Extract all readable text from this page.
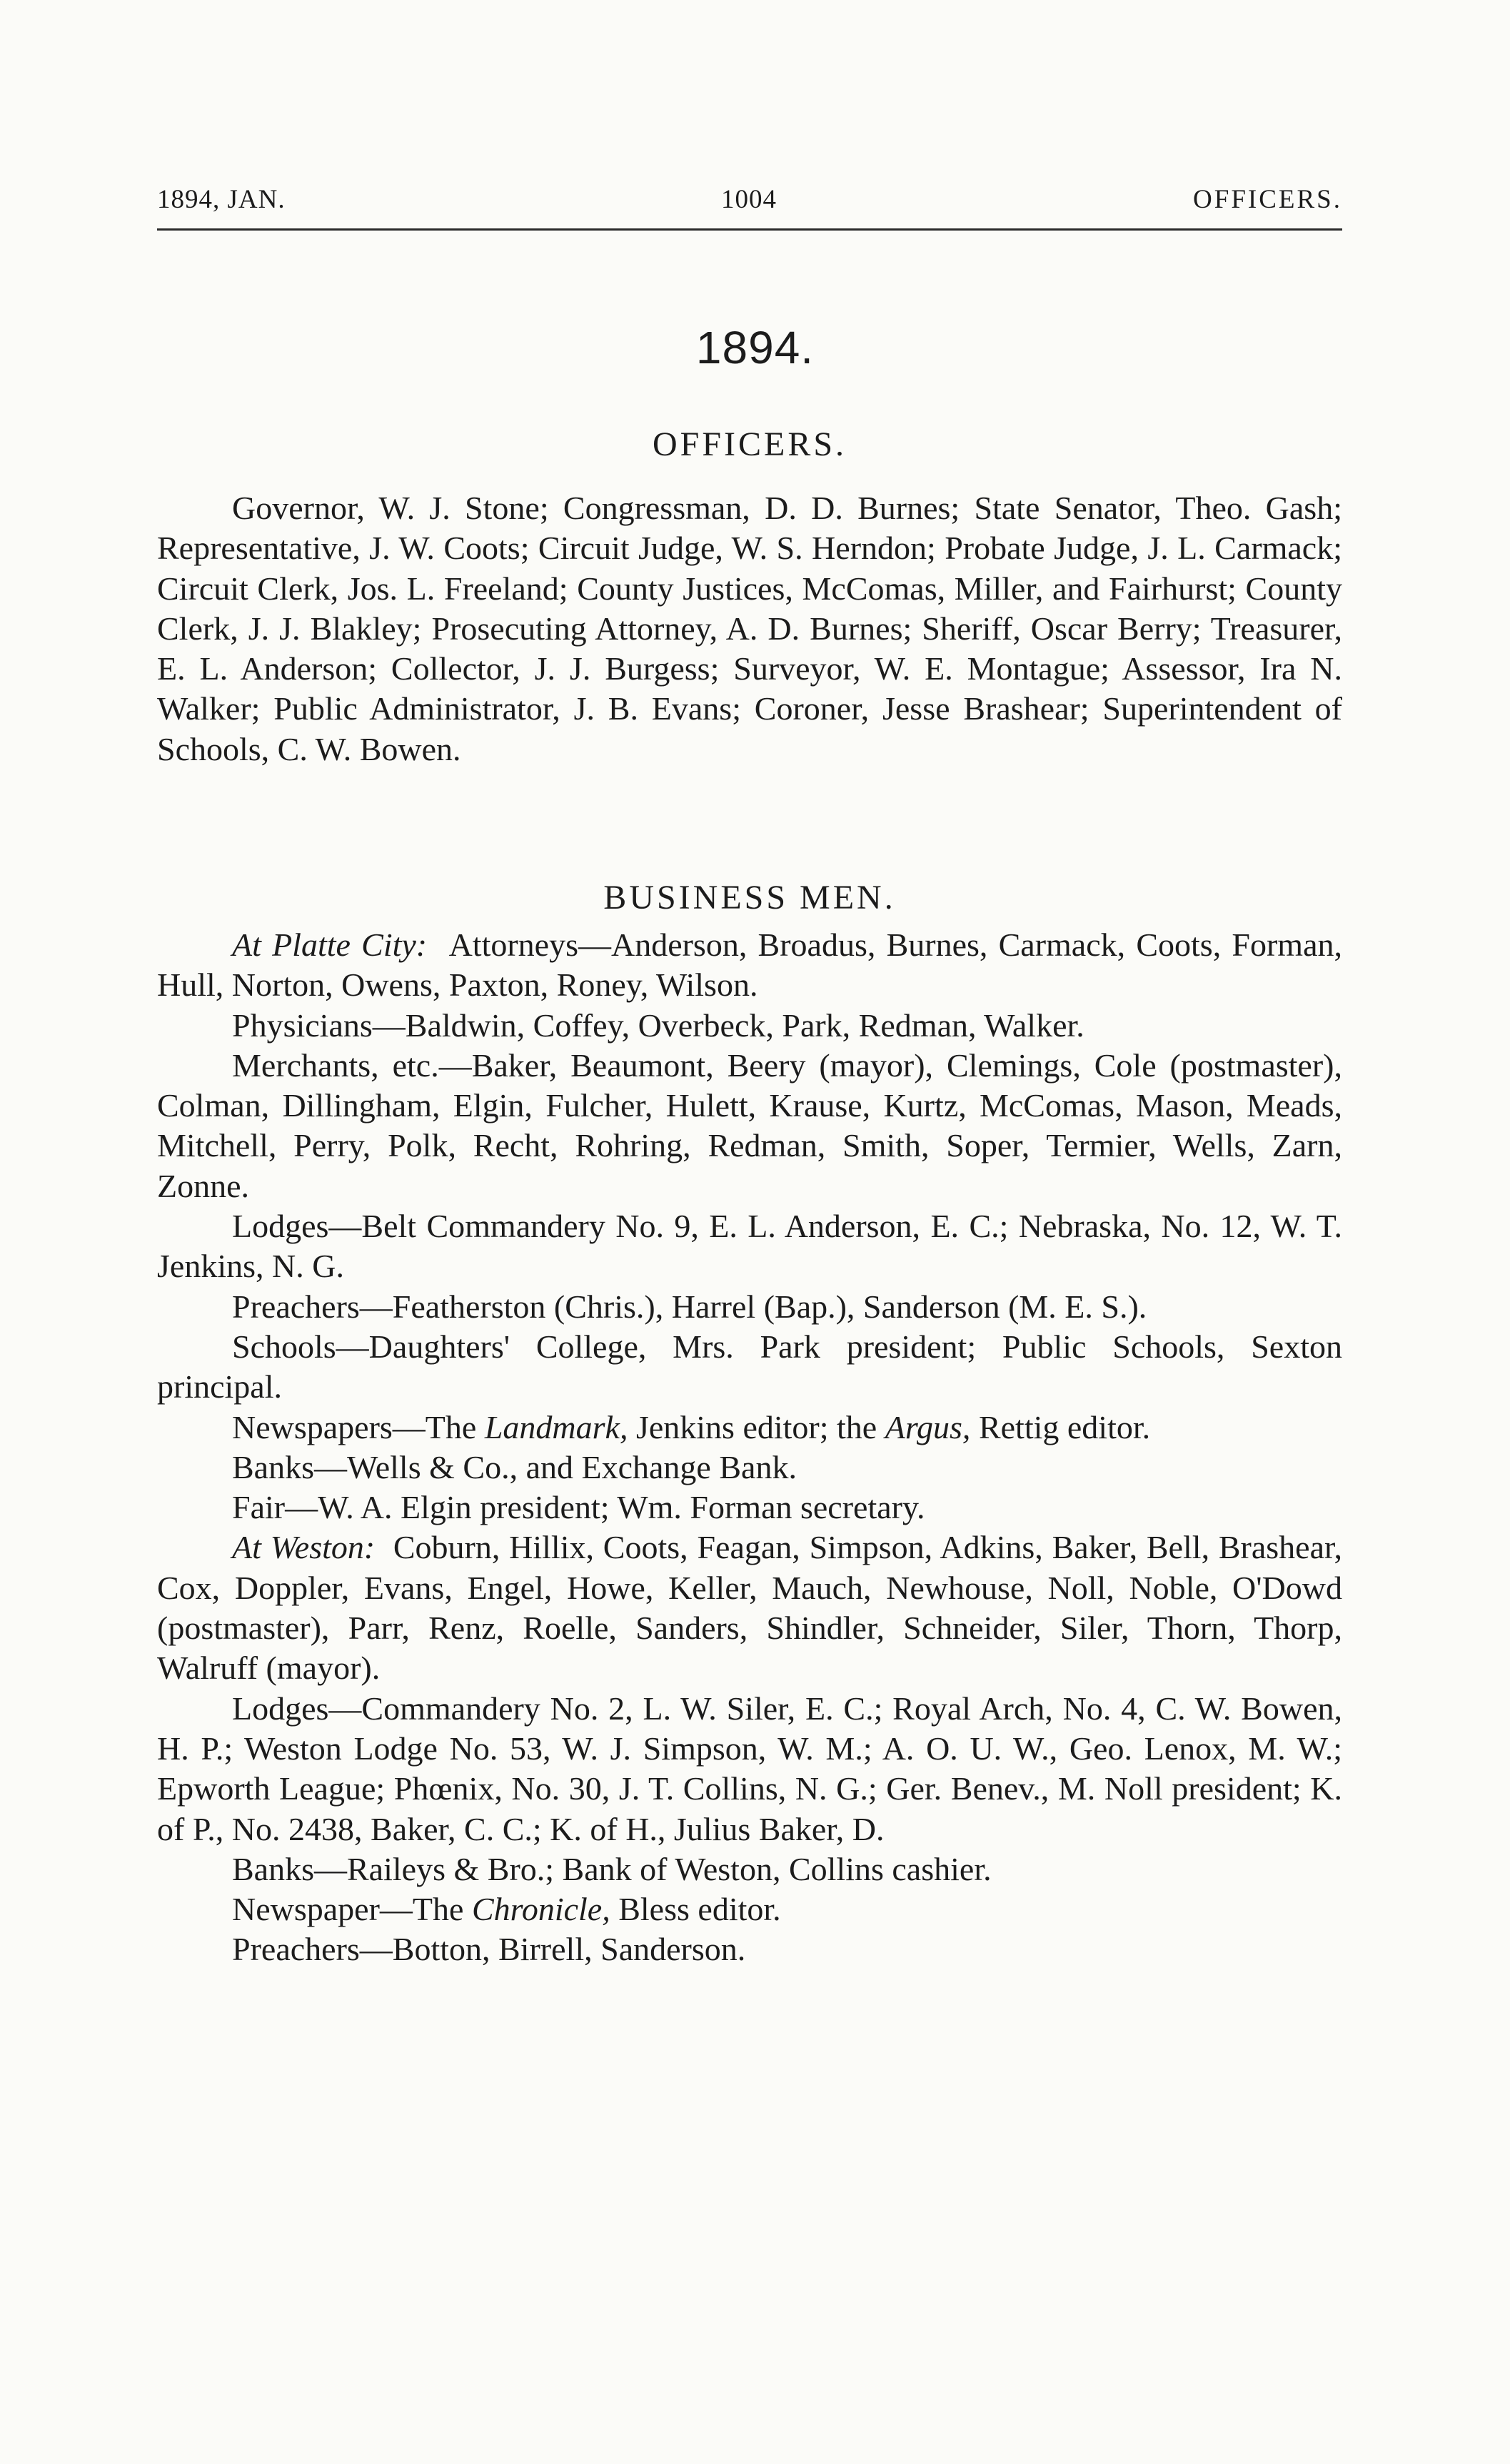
1894, JAN.	1004	OFFICERS.
1894.
OFFICERS.

Governor, W. J. Stone; Congressman, D. D. Burnes; State Senator, Theo. Gash; Representative, J. W. Coots; Circuit Judge, W. S. Herndon; Probate Judge, J. L. Carmack; Circuit Clerk, Jos. L. Freeland; County Justices, McComas, Miller, and Fairhurst; County Clerk, J. J. Blakley; Prosecuting Attorney, A. D. Burnes; Sheriff, Oscar Berry; Treasurer, E. L. Anderson; Collector, J. J. Burgess; Surveyor, W. E. Montague; Assessor, Ira N. Walker; Public Administrator, J. B. Evans; Coroner, Jesse Brashear; Superintendent of Schools, C. W. Bowen.

BUSINESS MEN.

At Platte City: Attorneys—Anderson, Broadus, Burnes, Carmack, Coots, Forman, Hull, Norton, Owens, Paxton, Roney, Wilson.

Physicians—Baldwin, Coffey, Overbeck, Park, Redman, Walker.

Merchants, etc.—Baker, Beaumont, Beery (mayor), Clemings, Cole (postmaster), Colman, Dillingham, Elgin, Fulcher, Hulett, Krause, Kurtz, McComas, Mason, Meads, Mitchell, Perry, Polk, Recht, Rohring, Redman, Smith, Soper, Termier, Wells, Zarn, Zonne.

Lodges—Belt Commandery No. 9, E. L. Anderson, E. C.; Nebraska, No. 12, W. T. Jenkins, N. G.

Preachers—Featherston (Chris.), Harrel (Bap.), Sanderson (M. E. S.).

Schools—Daughters' College, Mrs. Park president; Public Schools, Sexton principal.

Newspapers—The Landmark, Jenkins editor; the Argus, Rettig editor.

Banks—Wells & Co., and Exchange Bank.

Fair—W. A. Elgin president; Wm. Forman secretary.

At Weston: Coburn, Hillix, Coots, Feagan, Simpson, Adkins, Baker, Bell, Brashear, Cox, Doppler, Evans, Engel, Howe, Keller, Mauch, Newhouse, Noll, Noble, O'Dowd (postmaster), Parr, Renz, Roelle, Sanders, Shindler, Schneider, Siler, Thorn, Thorp, Walruff (mayor).

Lodges—Commandery No. 2, L. W. Siler, E. C.; Royal Arch, No. 4, C. W. Bowen, H. P.; Weston Lodge No. 53, W. J. Simpson, W. M.; A. O. U. W., Geo. Lenox, M. W.; Epworth League; Phœnix, No. 30, J. T. Collins, N. G.; Ger. Benev., M. Noll president; K. of P., No. 2438, Baker, C. C.; K. of H., Julius Baker, D.

Banks—Raileys & Bro.; Bank of Weston, Collins cashier.

Newspaper—The Chronicle, Bless editor.

Preachers—Botton, Birrell, Sanderson.
